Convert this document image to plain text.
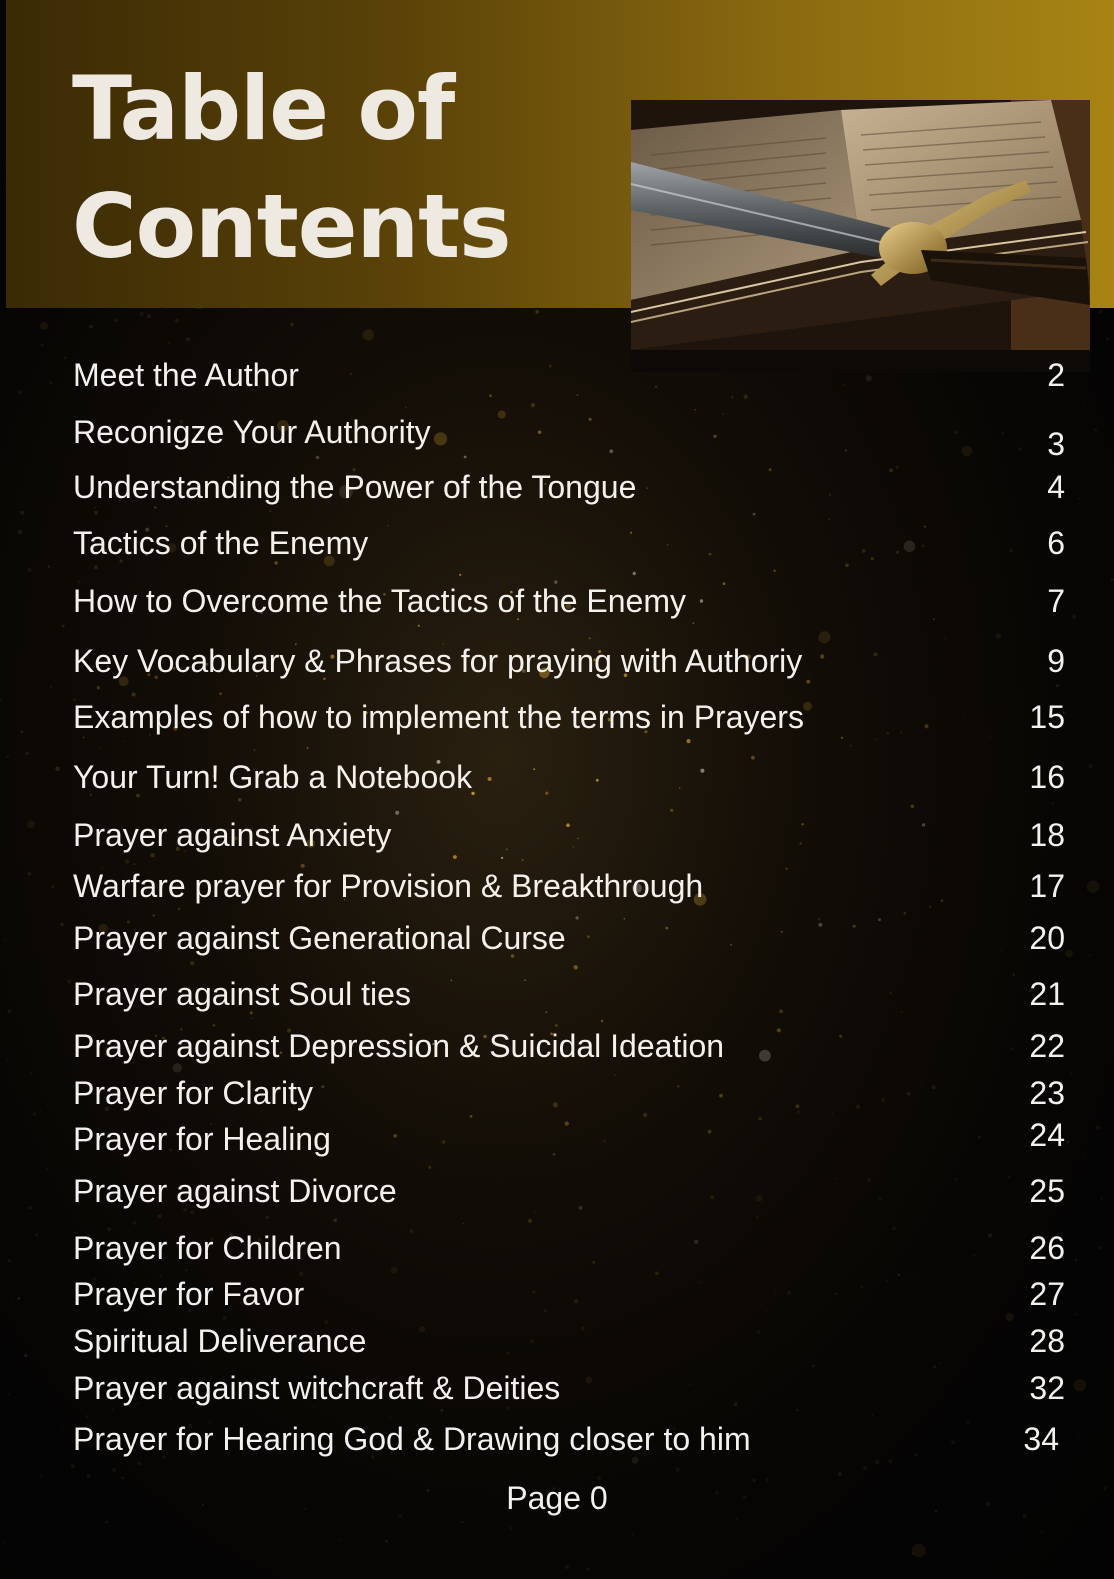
Table of
Contents
Meet the Author	2
Reconigze Your Authority	3
Understanding the Power of the Tongue	4
Tactics of the Enemy	6
How to Overcome the Tactics of the Enemy	7
Key Vocabulary & Phrases for praying with Authoriy	9
Examples of how to implement the terms in Prayers	15
Your Turn! Grab a Notebook	16
Prayer against Anxiety	18
Warfare prayer for Provision & Breakthrough	17
Prayer against Generational Curse	20
Prayer against Soul ties	21
Prayer against Depression & Suicidal Ideation	22
Prayer for Clarity	23
Prayer for Healing	24
Prayer against Divorce	25
Prayer for Children	26
Prayer for Favor	27
Spiritual Deliverance	28
Prayer against witchcraft & Deities	32
Prayer for Hearing God & Drawing closer to him	34
Page 0
